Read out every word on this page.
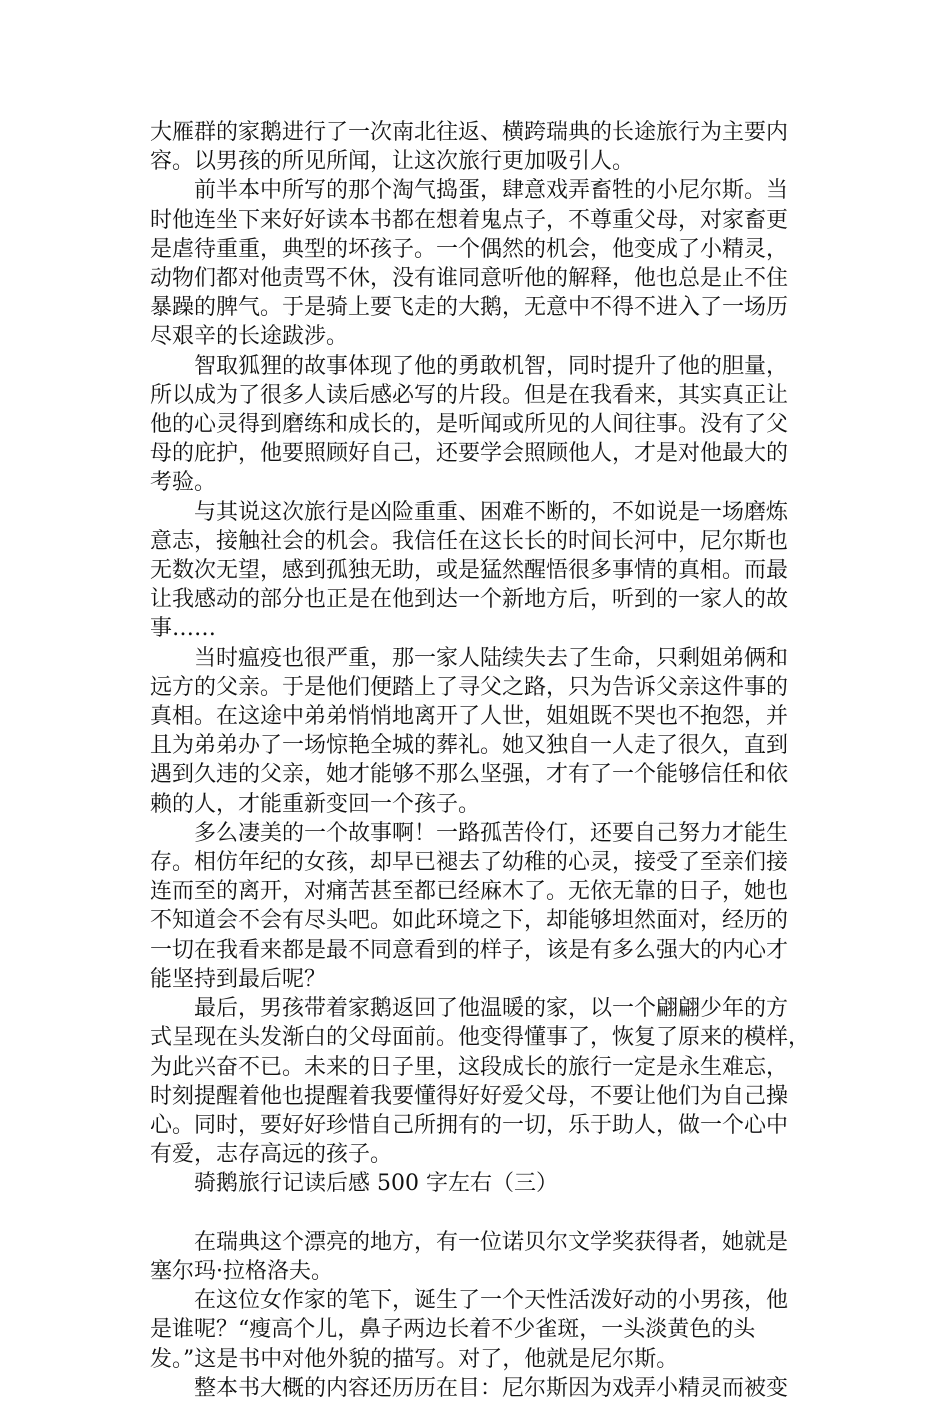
大雁群的家鹅进行了一次南北往返、横跨瑞典的长途旅行为主要内
容。以男孩的所见所闻，让这次旅行更加吸引人。

前半本中所写的那个淘气捣蛋，肆意戏弄畜牲的小尼尔斯。当
时他连坐下来好好读本书都在想着鬼点子，不尊重父母，对家畜更
是虐待重重，典型的坏孩子。一个偶然的机会，他变成了小精灵，
动物们都对他责骂不休，没有谁同意听他的解释，他也总是止不住
暴躁的脾气。于是骑上要飞走的大鹅，无意中不得不进入了一场历
尽艰辛的长途跋涉。

智取狐狸的故事体现了他的勇敢机智，同时提升了他的胆量，
所以成为了很多人读后感必写的片段。但是在我看来，其实真正让
他的心灵得到磨练和成长的，是听闻或所见的人间往事。没有了父
母的庇护，他要照顾好自己，还要学会照顾他人，才是对他最大的
考验。

与其说这次旅行是凶险重重、困难不断的，不如说是一场磨炼
意志，接触社会的机会。我信任在这长长的时间长河中，尼尔斯也
无数次无望，感到孤独无助，或是猛然醒悟很多事情的真相。而最
让我感动的部分也正是在他到达一个新地方后，听到的一家人的故
事……

当时瘟疫也很严重，那一家人陆续失去了生命，只剩姐弟俩和
远方的父亲。于是他们便踏上了寻父之路，只为告诉父亲这件事的
真相。在这途中弟弟悄悄地离开了人世，姐姐既不哭也不抱怨，并
且为弟弟办了一场惊艳全城的葬礼。她又独自一人走了很久，直到
遇到久违的父亲，她才能够不那么坚强，才有了一个能够信任和依
赖的人，才能重新变回一个孩子。

多么凄美的一个故事啊！一路孤苦伶仃，还要自己努力才能生
存。相仿年纪的女孩，却早已褪去了幼稚的心灵，接受了至亲们接
连而至的离开，对痛苦甚至都已经麻木了。无依无靠的日子，她也
不知道会不会有尽头吧。如此环境之下，却能够坦然面对，经历的
一切在我看来都是最不同意看到的样子，该是有多么强大的内心才
能坚持到最后呢？

最后，男孩带着家鹅返回了他温暖的家，以一个翩翩少年的方
式呈现在头发渐白的父母面前。他变得懂事了，恢复了原来的模样，
为此兴奋不已。未来的日子里，这段成长的旅行一定是永生难忘，
时刻提醒着他也提醒着我要懂得好好爱父母，不要让他们为自己操
心。同时，要好好珍惜自己所拥有的一切，乐于助人，做一个心中
有爱，志存高远的孩子。

骑鹅旅行记读后感 500 字左右（三）

在瑞典这个漂亮的地方，有一位诺贝尔文学奖获得者，她就是
塞尔玛·拉格洛夫。

在这位女作家的笔下，诞生了一个天性活泼好动的小男孩，他
是谁呢？“瘦高个儿，鼻子两边长着不少雀斑，一头淡黄色的头
发。”这是书中对他外貌的描写。对了，他就是尼尔斯。

整本书大概的内容还历历在目：尼尔斯因为戏弄小精灵而被变
